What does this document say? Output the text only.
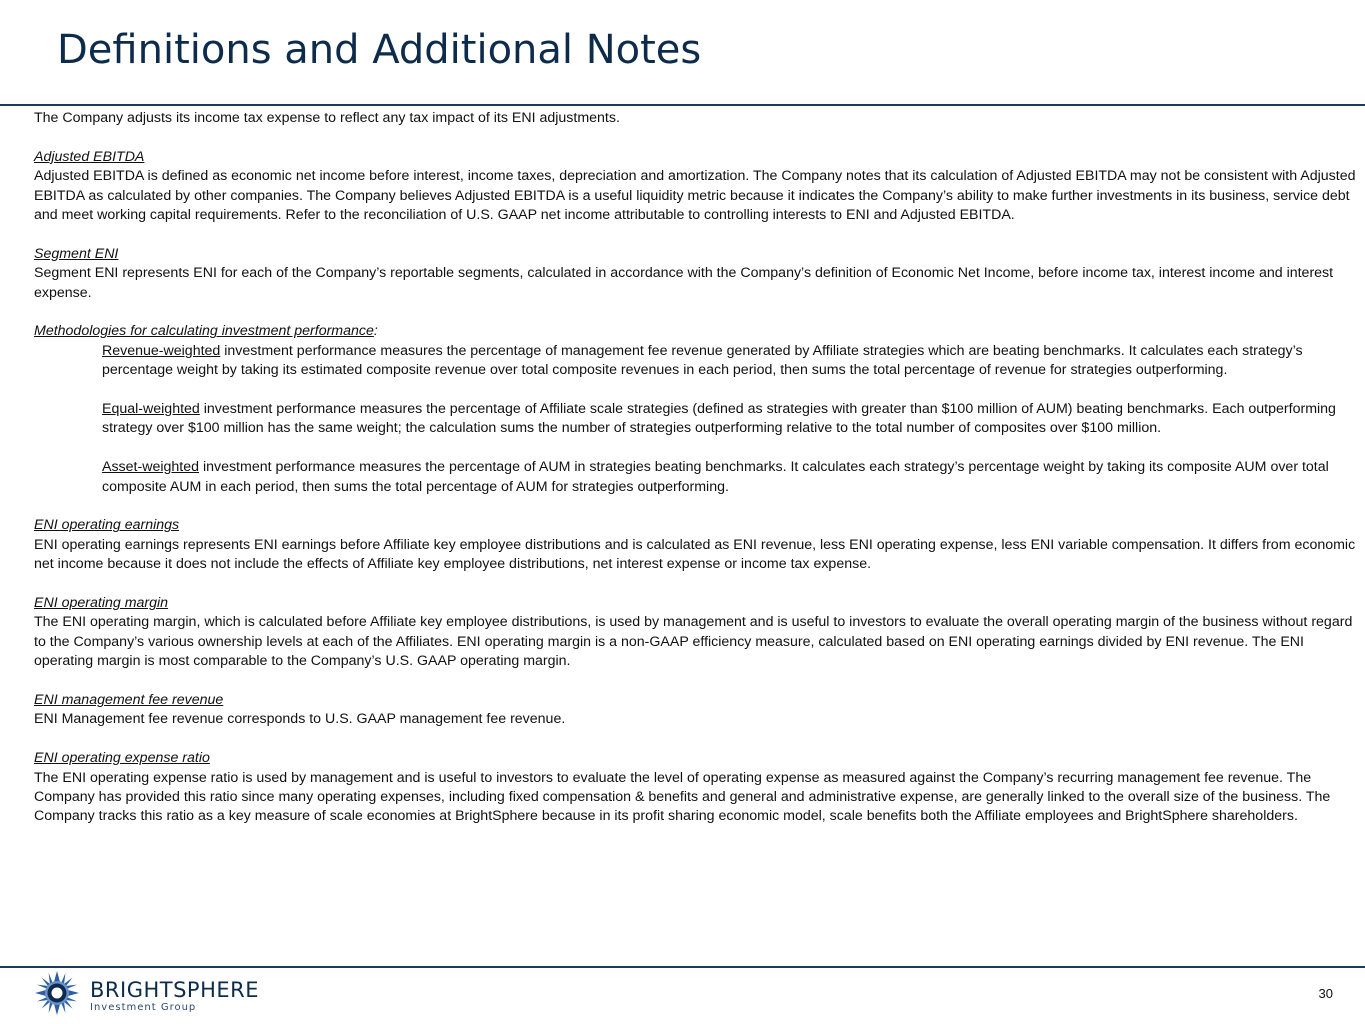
Definitions and Additional Notes

The Company adjusts its income tax expense to reflect any tax impact of its ENI adjustments.

Adjusted EBITDA

Adjusted EBITDA is defined as economic net income before interest, income taxes, depreciation and amortization. The Company notes that its calculation of Adjusted EBITDA may not be consistent with Adjusted EBITDA as calculated by other companies. The Company believes Adjusted EBITDA is a useful liquidity metric because it indicates the Company’s ability to make further investments in its business, service debt and meet working capital requirements. Refer to the reconciliation of U.S. GAAP net income attributable to controlling interests to ENI and Adjusted EBITDA.

Segment ENI

Segment ENI represents ENI for each of the Company’s reportable segments, calculated in accordance with the Company’s definition of Economic Net Income, before income tax, interest income and interest expense.

Methodologies for calculating investment performance:

Revenue-weighted investment performance measures the percentage of management fee revenue generated by Affiliate strategies which are beating benchmarks. It calculates each strategy’s percentage weight by taking its estimated composite revenue over total composite revenues in each period, then sums the total percentage of revenue for strategies outperforming.

Equal-weighted investment performance measures the percentage of Affiliate scale strategies (defined as strategies with greater than $100 million of AUM) beating benchmarks. Each outperforming strategy over $100 million has the same weight; the calculation sums the number of strategies outperforming relative to the total number of composites over $100 million.

Asset-weighted investment performance measures the percentage of AUM in strategies beating benchmarks. It calculates each strategy’s percentage weight by taking its composite AUM over total composite AUM in each period, then sums the total percentage of AUM for strategies outperforming.

ENI operating earnings

ENI operating earnings represents ENI earnings before Affiliate key employee distributions and is calculated as ENI revenue, less ENI operating expense, less ENI variable compensation. It differs from economic net income because it does not include the effects of Affiliate key employee distributions, net interest expense or income tax expense.

ENI operating margin

The ENI operating margin, which is calculated before Affiliate key employee distributions, is used by management and is useful to investors to evaluate the overall operating margin of the business without regard to the Company’s various ownership levels at each of the Affiliates. ENI operating margin is a non-GAAP efficiency measure, calculated based on ENI operating earnings divided by ENI revenue. The ENI operating margin is most comparable to the Company’s U.S. GAAP operating margin.

ENI management fee revenue

ENI Management fee revenue corresponds to U.S. GAAP management fee revenue.

ENI operating expense ratio

The ENI operating expense ratio is used by management and is useful to investors to evaluate the level of operating expense as measured against the Company’s recurring management fee revenue. The Company has provided this ratio since many operating expenses, including fixed compensation & benefits and general and administrative expense, are generally linked to the overall size of the business. The Company tracks this ratio as a key measure of scale economies at BrightSphere because in its profit sharing economic model, scale benefits both the Affiliate employees and BrightSphere shareholders.

BRIGHTSPHERE
Investment Group
30
